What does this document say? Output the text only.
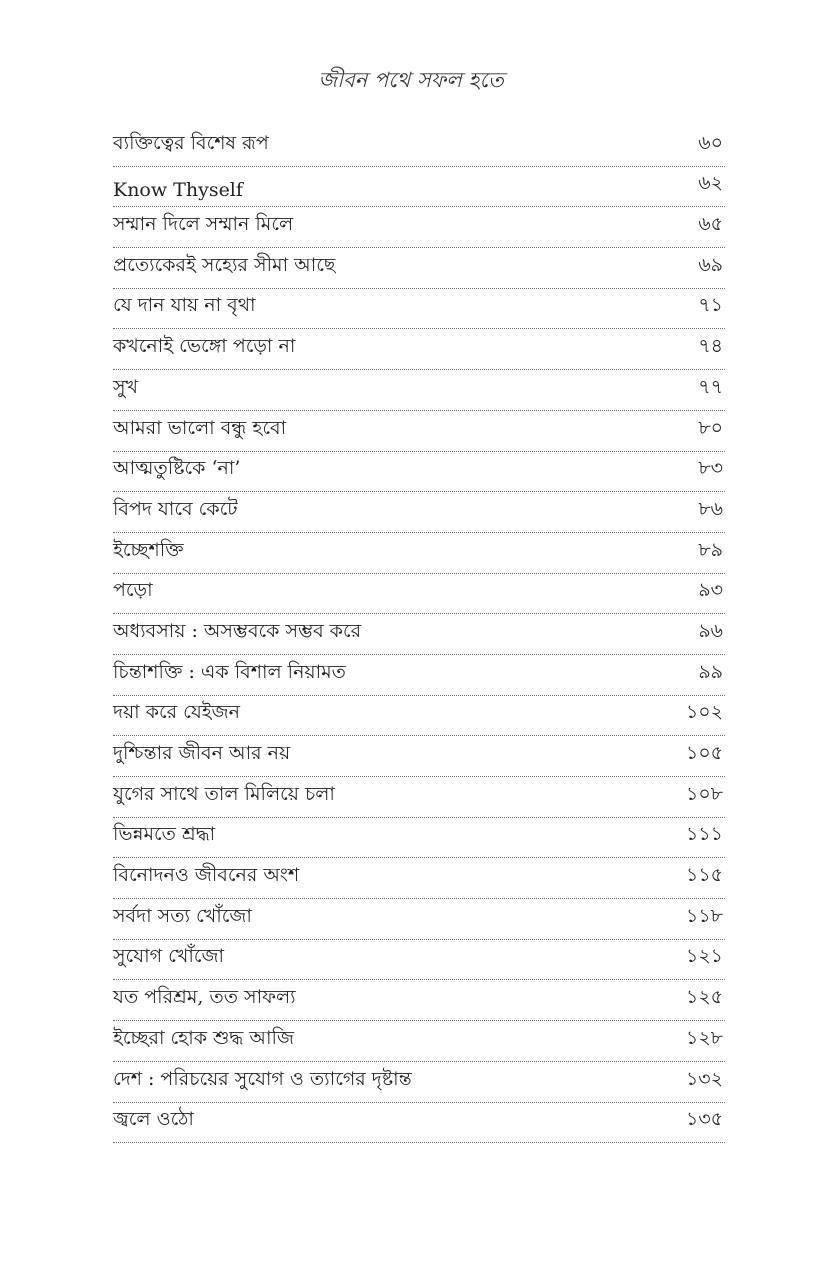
জীবন পথে সফল হতে
ব্যক্তিত্বের বিশেষ রূপ	৬০
Know Thyself	৬২
সম্মান দিলে সম্মান মিলে	৬৫
প্রত্যেকেরই সহ্যের সীমা আছে	৬৯
যে দান যায় না বৃথা	৭১
কখনোই ভেঙ্গো পড়ো না	৭৪
সুখ	৭৭
আমরা ভালো বন্ধু হবো	৮০
আত্মতুষ্টিকে ‘না’	৮৩
বিপদ যাবে কেটে	৮৬
ইচ্ছেশক্তি	৮৯
পড়ো	৯৩
অধ্যবসায় : অসম্ভবকে সম্ভব করে	৯৬
চিন্তাশক্তি : এক বিশাল নিয়ামত	৯৯
দয়া করে যেইজন	১০২
দুশ্চিন্তার জীবন আর নয়	১০৫
যুগের সাথে তাল মিলিয়ে চলা	১০৮
ভিন্নমতে শ্রদ্ধা	১১১
বিনোদনও জীবনের অংশ	১১৫
সর্বদা সত্য খোঁজো	১১৮
সুযোগ খোঁজো	১২১
যত পরিশ্রম, তত সাফল্য	১২৫
ইচ্ছেরা হোক শুদ্ধ আজি	১২৮
দেশ : পরিচয়ের সুযোগ ও ত্যাগের দৃষ্টান্ত	১৩২
জ্বলে ওঠো	১৩৫
